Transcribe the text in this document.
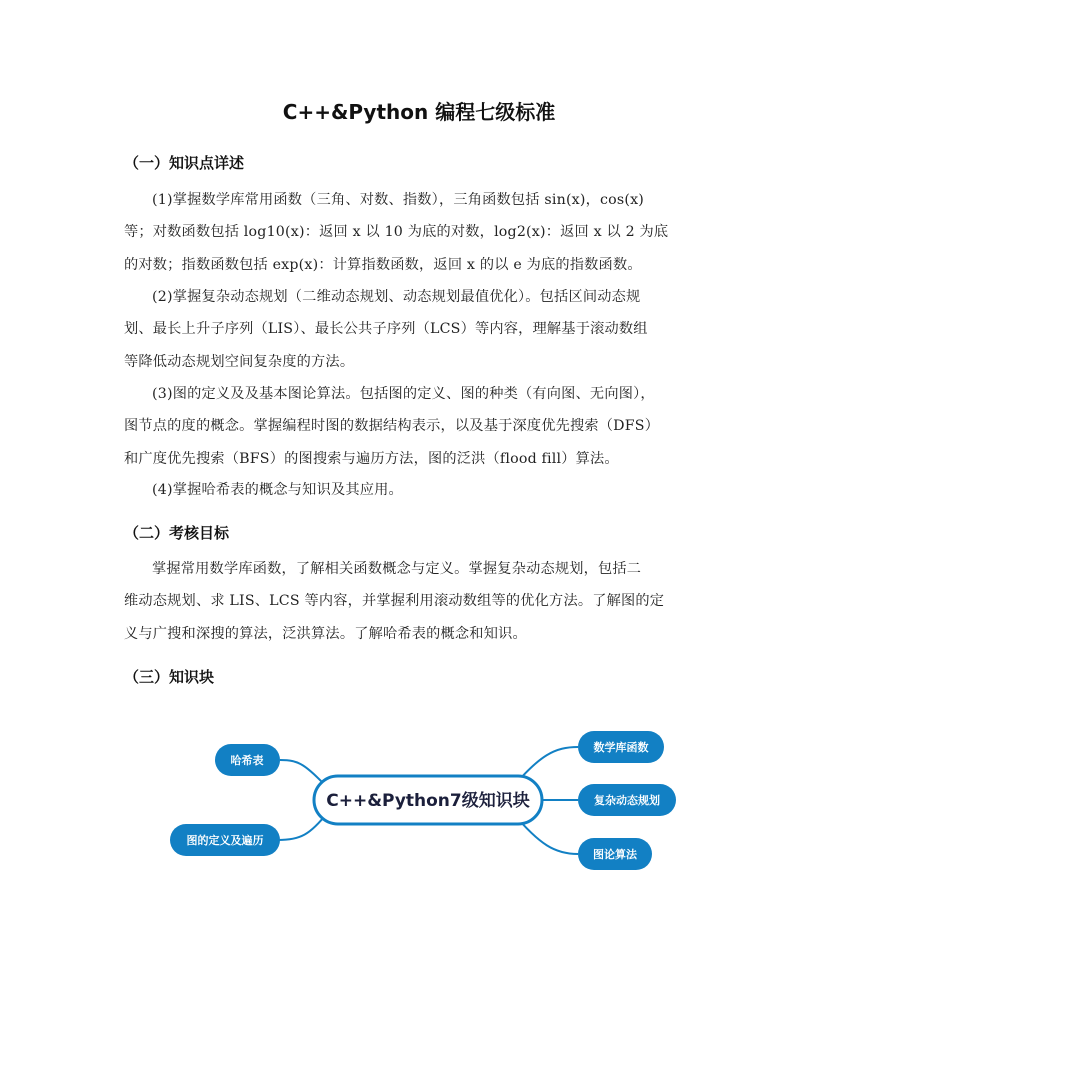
C++&Python 编程七级标准
（一）知识点详述
(1)掌握数学库常用函数（三角、对数、指数），三角函数包括 sin(x)，cos(x)
等；对数函数包括 log10(x)：返回 x 以 10 为底的对数，log2(x)：返回 x 以 2 为底
的对数；指数函数包括 exp(x)：计算指数函数，返回 x 的以 e 为底的指数函数。
(2)掌握复杂动态规划（二维动态规划、动态规划最值优化）。包括区间动态规
划、最长上升子序列（LIS）、最长公共子序列（LCS）等内容，理解基于滚动数组
等降低动态规划空间复杂度的方法。
(3)图的定义及及基本图论算法。包括图的定义、图的种类（有向图、无向图），
图节点的度的概念。掌握编程时图的数据结构表示，以及基于深度优先搜索（DFS）
和广度优先搜索（BFS）的图搜索与遍历方法，图的泛洪（flood fill）算法。
(4)掌握哈希表的概念与知识及其应用。
（二）考核目标
掌握常用数学库函数，了解相关函数概念与定义。掌握复杂动态规划，包括二
维动态规划、求 LIS、LCS 等内容，并掌握利用滚动数组等的优化方法。了解图的定
义与广搜和深搜的算法，泛洪算法。了解哈希表的概念和知识。
（三）知识块
C++&Python7级知识块
哈希表
图的定义及遍历
数学库函数
复杂动态规划
图论算法
